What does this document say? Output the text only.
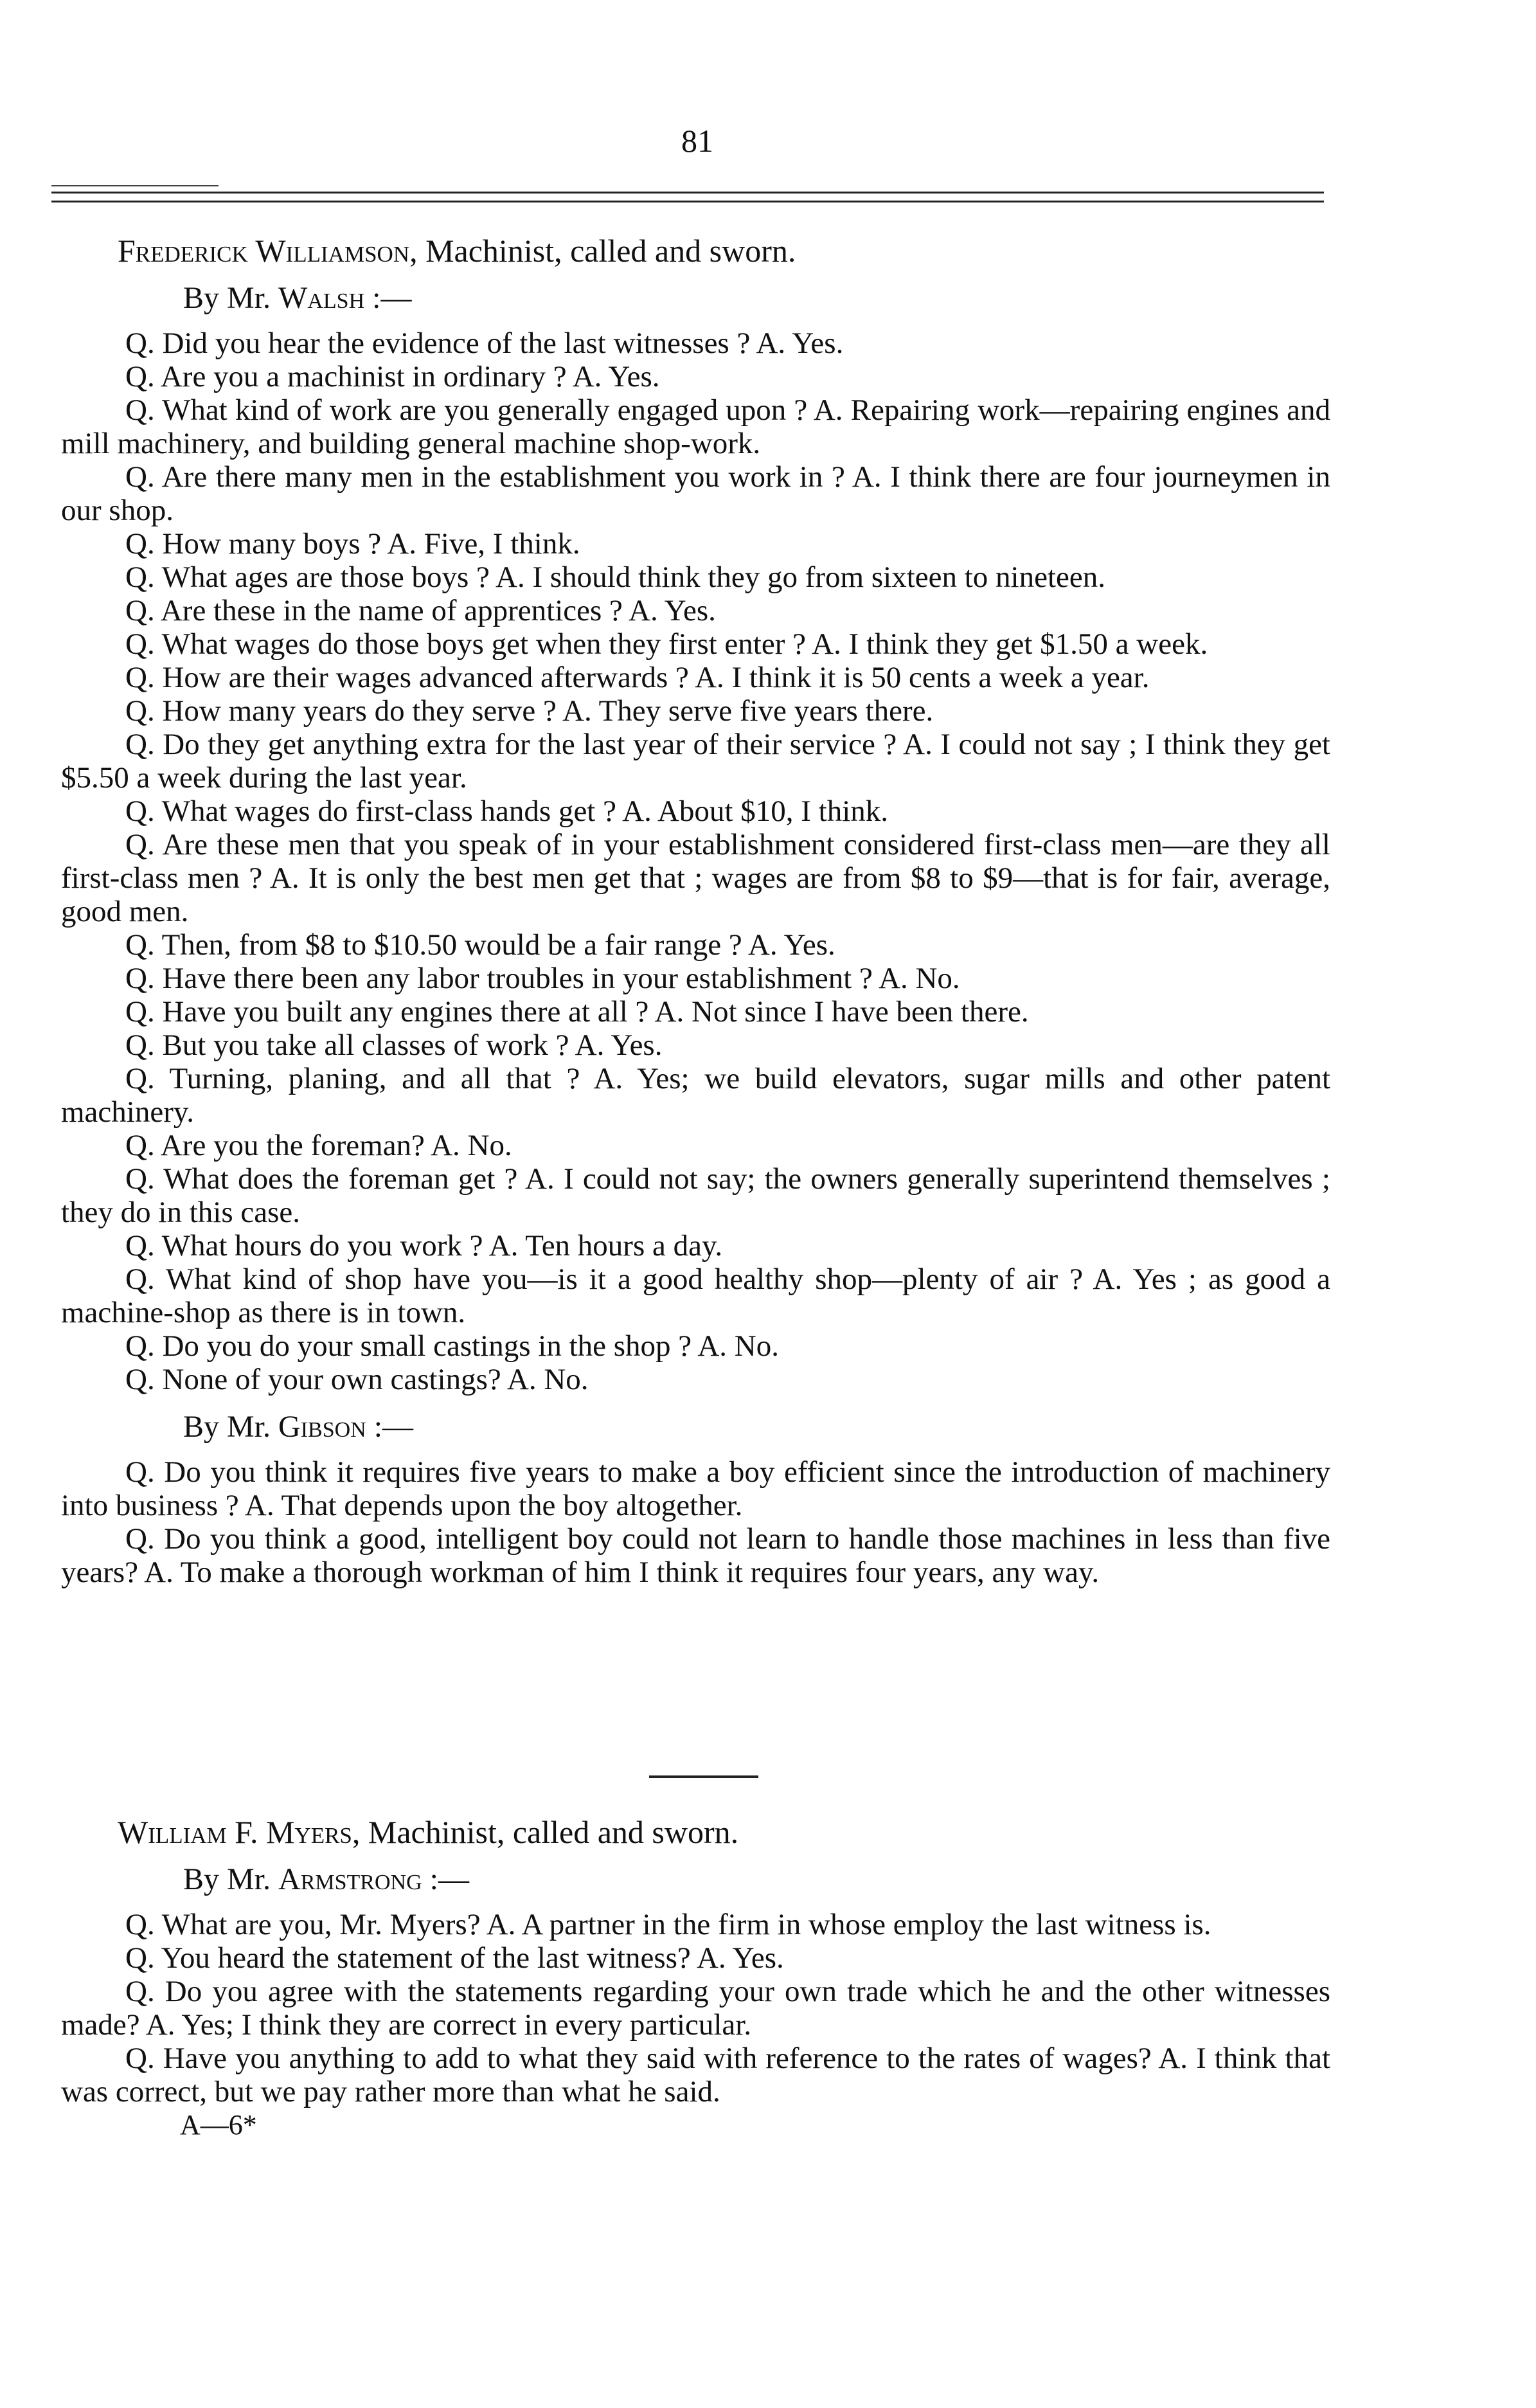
81
Frederick Williamson, Machinist, called and sworn.
By Mr. Walsh :—

Q. Did you hear the evidence of the last witnesses ? A. Yes.

Q. Are you a machinist in ordinary ? A. Yes.

Q. What kind of work are you generally engaged upon ? A. Repairing work—repairing engines and mill machinery, and building general machine shop-work.

Q. Are there many men in the establishment you work in ? A. I think there are four journeymen in our shop.

Q. How many boys ? A. Five, I think.

Q. What ages are those boys ? A. I should think they go from sixteen to nineteen.

Q. Are these in the name of apprentices ? A. Yes.

Q. What wages do those boys get when they first enter ? A. I think they get $1.50 a week.

Q. How are their wages advanced afterwards ? A. I think it is 50 cents a week a year.

Q. How many years do they serve ? A. They serve five years there.

Q. Do they get anything extra for the last year of their service ? A. I could not say ; I think they get $5.50 a week during the last year.

Q. What wages do first-class hands get ? A. About $10, I think.

Q. Are these men that you speak of in your establishment considered first-class men—are they all first-class men ? A. It is only the best men get that ; wages are from $8 to $9—that is for fair, average, good men.

Q. Then, from $8 to $10.50 would be a fair range ? A. Yes.

Q. Have there been any labor troubles in your establishment ? A. No.

Q. Have you built any engines there at all ? A. Not since I have been there.

Q. But you take all classes of work ? A. Yes.

Q. Turning, planing, and all that ? A. Yes; we build elevators, sugar mills and other patent machinery.

Q. Are you the foreman? A. No.

Q. What does the foreman get ? A. I could not say; the owners generally superintend themselves ; they do in this case.

Q. What hours do you work ? A. Ten hours a day.

Q. What kind of shop have you—is it a good healthy shop—plenty of air ? A. Yes ; as good a machine-shop as there is in town.

Q. Do you do your small castings in the shop ? A. No.

Q. None of your own castings? A. No.

By Mr. Gibson :—

Q. Do you think it requires five years to make a boy efficient since the introduction of machinery into business ? A. That depends upon the boy altogether.

Q. Do you think a good, intelligent boy could not learn to handle those machines in less than five years? A. To make a thorough workman of him I think it requires four years, any way.

William F. Myers, Machinist, called and sworn.
By Mr. Armstrong :—

Q. What are you, Mr. Myers? A. A partner in the firm in whose employ the last witness is.

Q. You heard the statement of the last witness? A. Yes.

Q. Do you agree with the statements regarding your own trade which he and the other witnesses made? A. Yes; I think they are correct in every particular.

Q. Have you anything to add to what they said with reference to the rates of wages? A. I think that was correct, but we pay rather more than what he said.

A—6*
